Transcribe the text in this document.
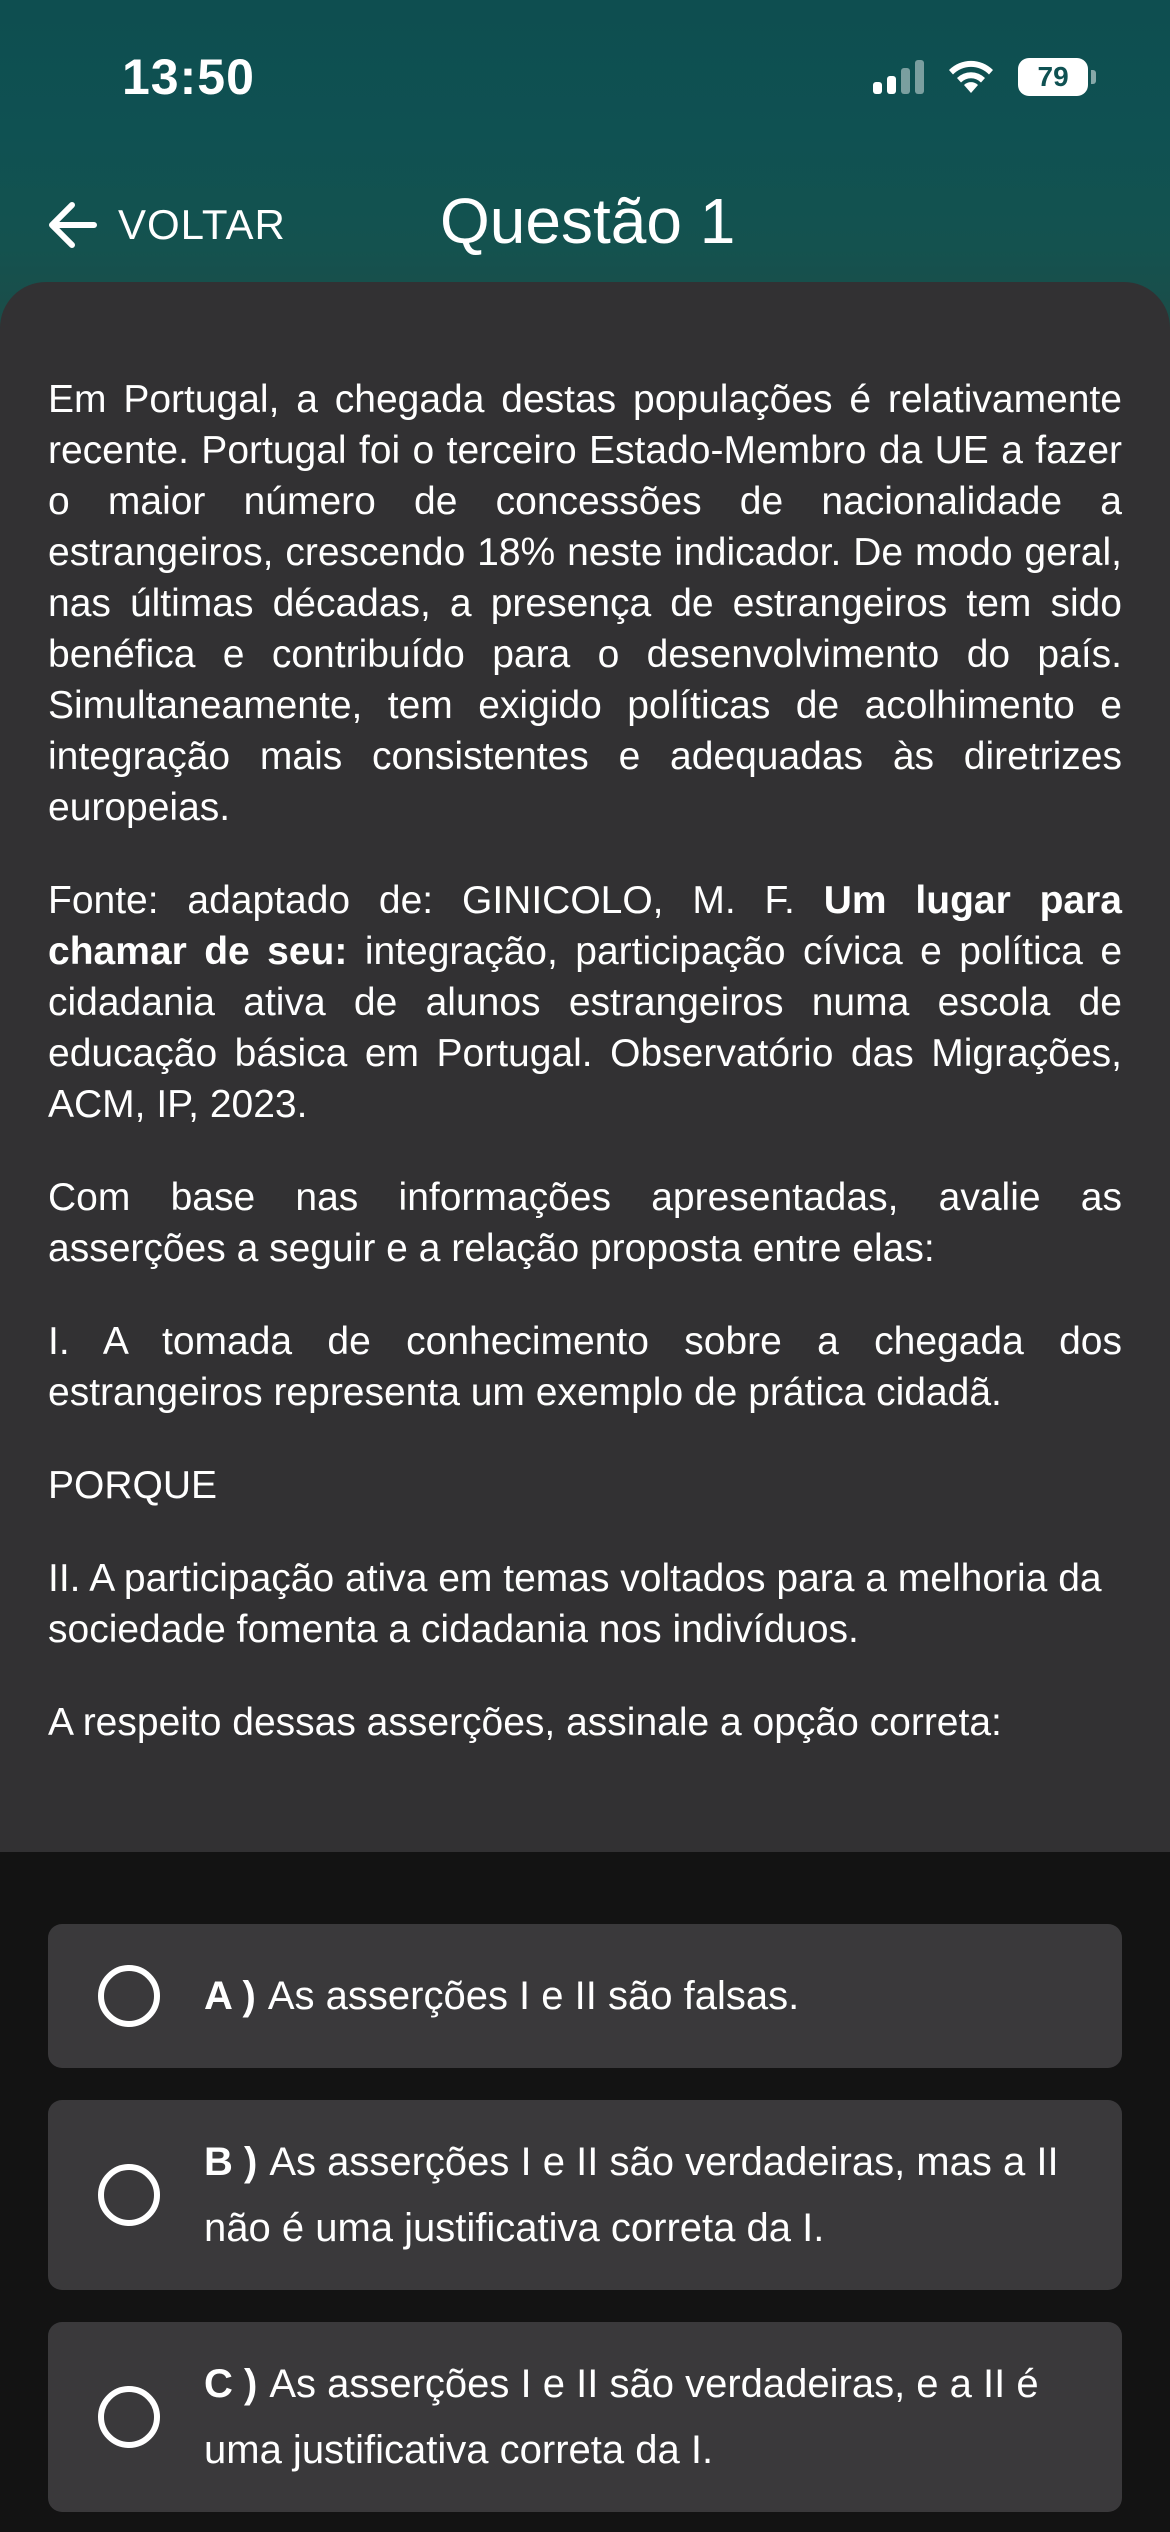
13:50	79
VOLTAR Questão 1

Em Portugal, a chegada destas populações é relativamente recente. Portugal foi o terceiro Estado-Membro da UE a fazer o maior número de concessões de nacionalidade a estrangeiros, crescendo 18% neste indicador. De modo geral, nas últimas décadas, a presença de estrangeiros tem sido benéfica e contribuído para o desenvolvimento do país. Simultaneamente, tem exigido políticas de acolhimento e integração mais consistentes e adequadas às diretrizes europeias.

Fonte: adaptado de: GINICOLO, M. F. Um lugar para chamar de seu: integração, participação cívica e política e cidadania ativa de alunos estrangeiros numa escola de educação básica em Portugal. Observatório das Migrações, ACM, IP, 2023.

Com base nas informações apresentadas, avalie as asserções a seguir e a relação proposta entre elas:

I. A tomada de conhecimento sobre a chegada dos estrangeiros representa um exemplo de prática cidadã.

PORQUE

II. A participação ativa em temas voltados para a melhoria da sociedade fomenta a cidadania nos indivíduos.

A respeito dessas asserções, assinale a opção correta:

A ) As asserções I e II são falsas.
B ) As asserções I e II são verdadeiras, mas a II não é uma justificativa correta da I.
C ) As asserções I e II são verdadeiras, e a II é uma justificativa correta da I.
